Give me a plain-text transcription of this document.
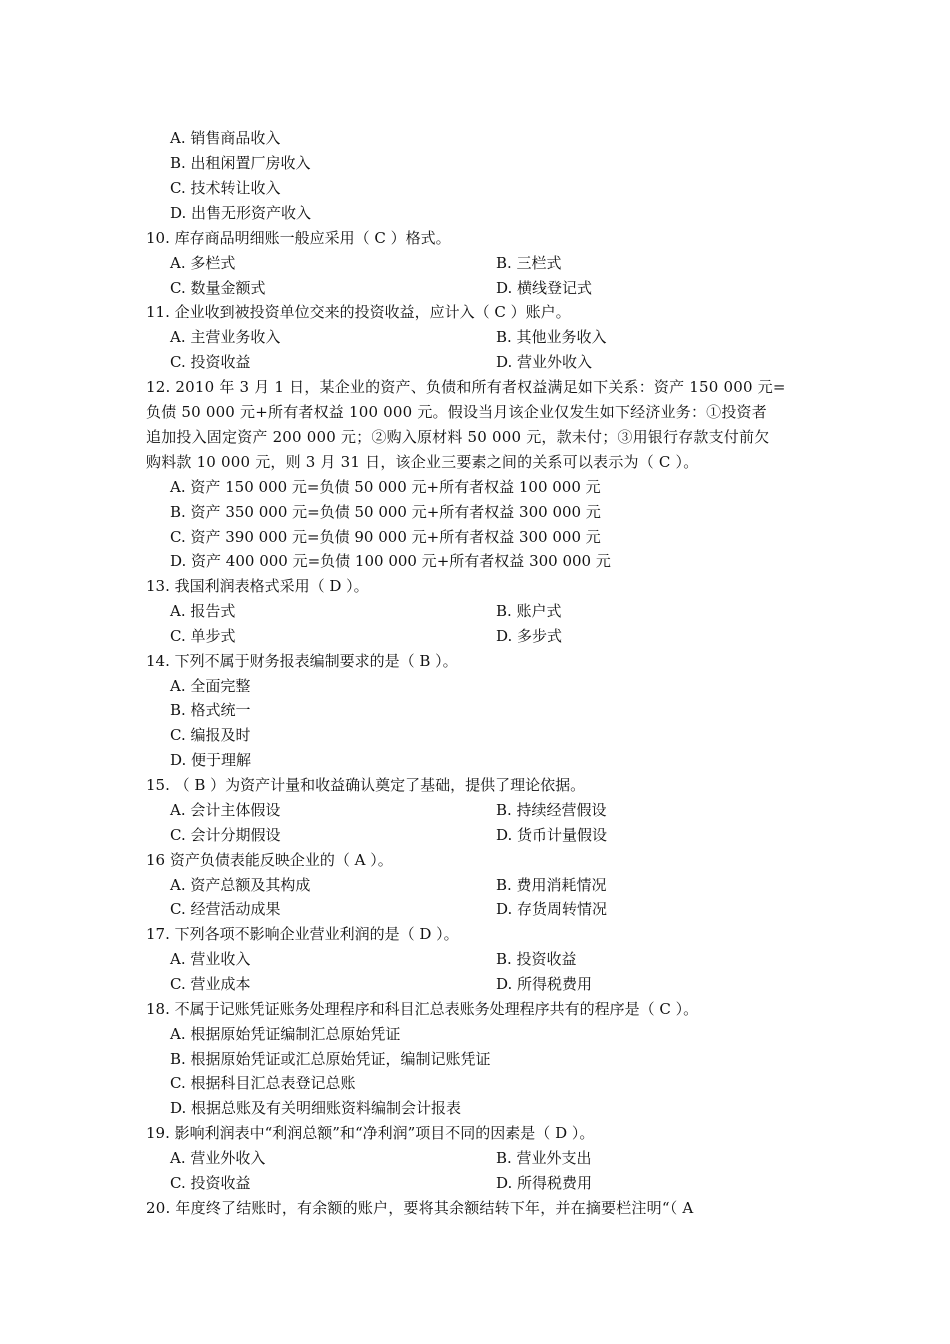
A. 销售商品收入
B. 出租闲置厂房收入
C. 技术转让收入
D. 出售无形资产收入
10. 库存商品明细账一般应采用（ C ）格式。
A. 多栏式	B. 三栏式
C. 数量金额式	D. 横线登记式
11. 企业收到被投资单位交来的投资收益，应计入（ C ）账户。
A. 主营业务收入	B. 其他业务收入
C. 投资收益	D. 营业外收入
12. 2010 年 3 月 1 日，某企业的资产、负债和所有者权益满足如下关系：资产 150 000 元=
负债 50 000 元+所有者权益 100 000 元。假设当月该企业仅发生如下经济业务：①投资者
追加投入固定资产 200 000 元；②购入原材料 50 000 元，款未付；③用银行存款支付前欠
购料款 10 000 元，则 3 月 31 日，该企业三要素之间的关系可以表示为（ C ）。
A. 资产 150 000 元=负债 50 000 元+所有者权益 100 000 元
B. 资产 350 000 元=负债 50 000 元+所有者权益 300 000 元
C. 资产 390 000 元=负债 90 000 元+所有者权益 300 000 元
D. 资产 400 000 元=负债 100 000 元+所有者权益 300 000 元
13. 我国利润表格式采用（ D ）。
A. 报告式	B. 账户式
C. 单步式	D. 多步式
14. 下列不属于财务报表编制要求的是（ B ）。
A. 全面完整
B. 格式统一
C. 编报及时
D. 便于理解
15. （ B ）为资产计量和收益确认奠定了基础，提供了理论依据。
A. 会计主体假设	B. 持续经营假设
C. 会计分期假设	D. 货币计量假设
16 资产负债表能反映企业的（ A ）。
A. 资产总额及其构成	B. 费用消耗情况
C. 经营活动成果	D. 存货周转情况
17. 下列各项不影响企业营业利润的是（ D ）。
A. 营业收入	B. 投资收益
C. 营业成本	D. 所得税费用
18. 不属于记账凭证账务处理程序和科目汇总表账务处理程序共有的程序是（ C ）。
A. 根据原始凭证编制汇总原始凭证
B. 根据原始凭证或汇总原始凭证，编制记账凭证
C. 根据科目汇总表登记总账
D. 根据总账及有关明细账资料编制会计报表
19. 影响利润表中“利润总额”和“净利润”项目不同的因素是（ D ）。
A. 营业外收入	B. 营业外支出
C. 投资收益	D. 所得税费用
20. 年度终了结账时，有余额的账户，要将其余额结转下年，并在摘要栏注明“（ A
